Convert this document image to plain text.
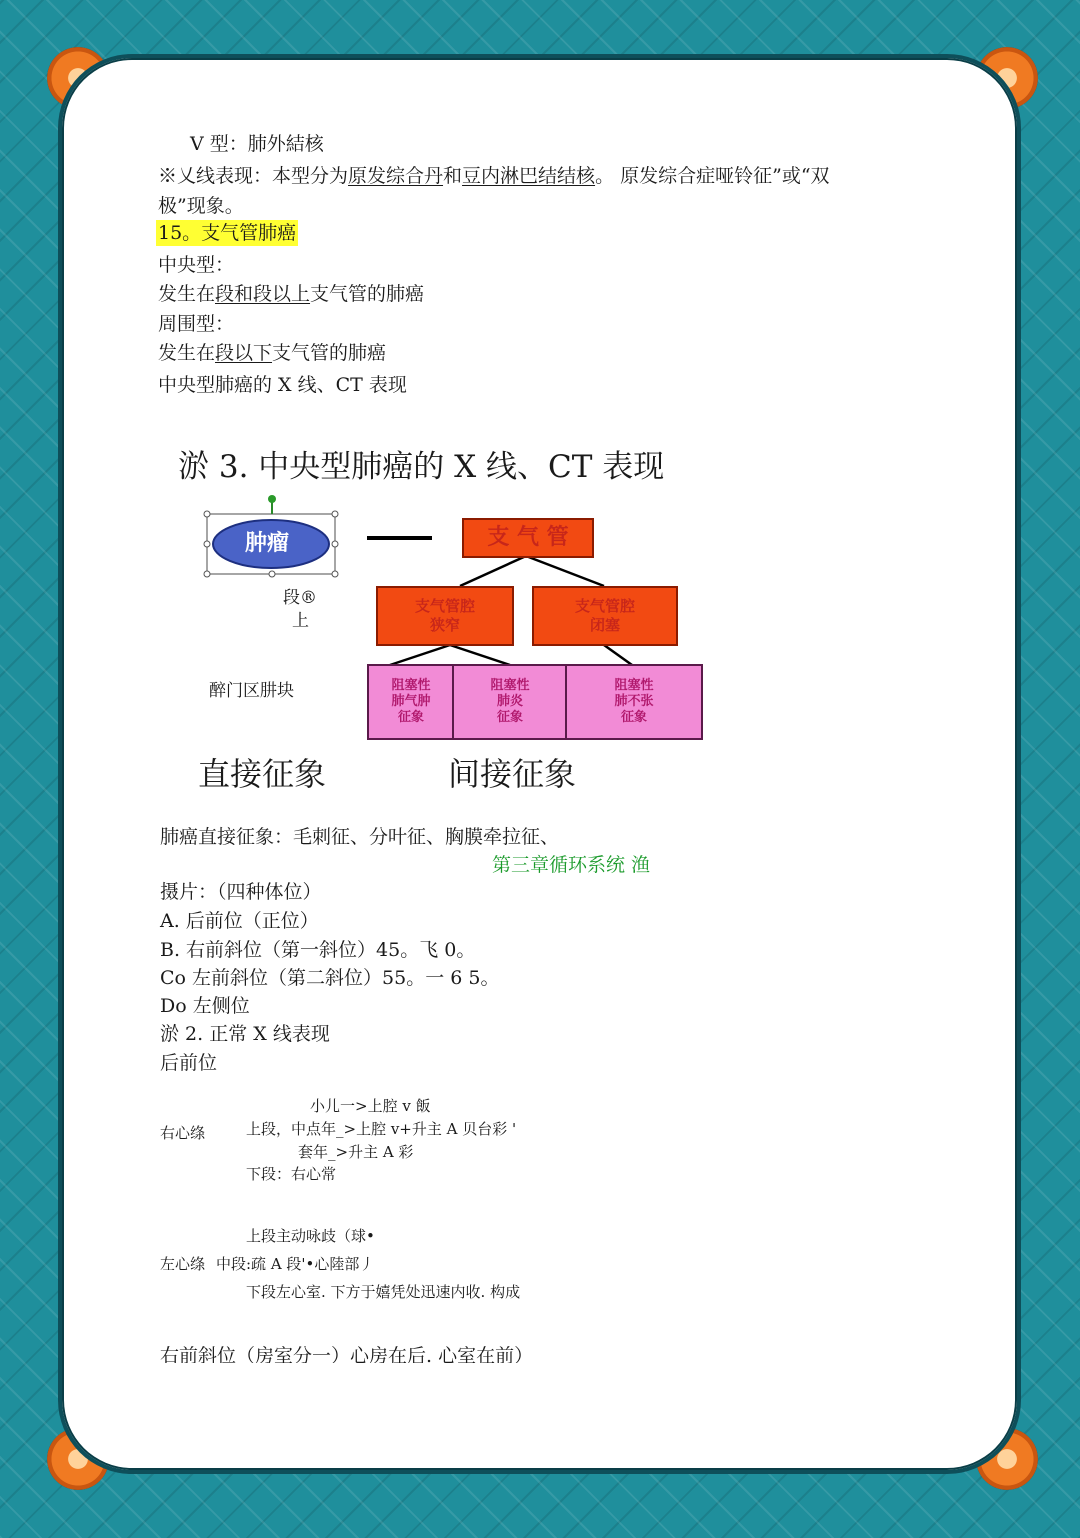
V 型：肺外結核
※乂线表现：本型分为原发综合丹和豆内淋巴结结核。 原发综合症哑铃征”或“双
极”现象。
15。支气管肺癌
中央型：
发生在段和段以上支气管的肺癌
周围型：
发生在段以下支气管的肺癌
中央型肺癌的 X 线、CT 表现
淤 3. 中央型肺癌的 X 线、CT 表现
肿瘤	支 气 管
支气管腔
狭窄
支气管腔
闭塞
阻塞性
肺气肿
征象
阻塞性
肺炎
征象
阻塞性
肺不张
征象
段®
上
醉门区肼块
直接征象	间接征象
肺癌直接征象：毛刺征、分叶征、胸膜牵拉征、
第三章循环系统 渔
摄片：（四种体位）
A. 后前位（正位）
B. 右前斜位（第一斜位）45。飞 0。
Co 左前斜位（第二斜位）55。一 6 5。
Do 左侧位
淤 2. 正常 X 线表现
后前位
小儿一>上腔 v 飯
右心绦	上段，中点年_>上腔 v+升主 A 贝台彩 '
套年_>升主 A 彩
下段：右心常
上段主动咏歧（球•
左心绦 中段:疏 A 段'•心陸部丿
下段左心室. 下方于嬉凭处迅速内收. 构成
右前斜位（房室分一）心房在后. 心室在前）
